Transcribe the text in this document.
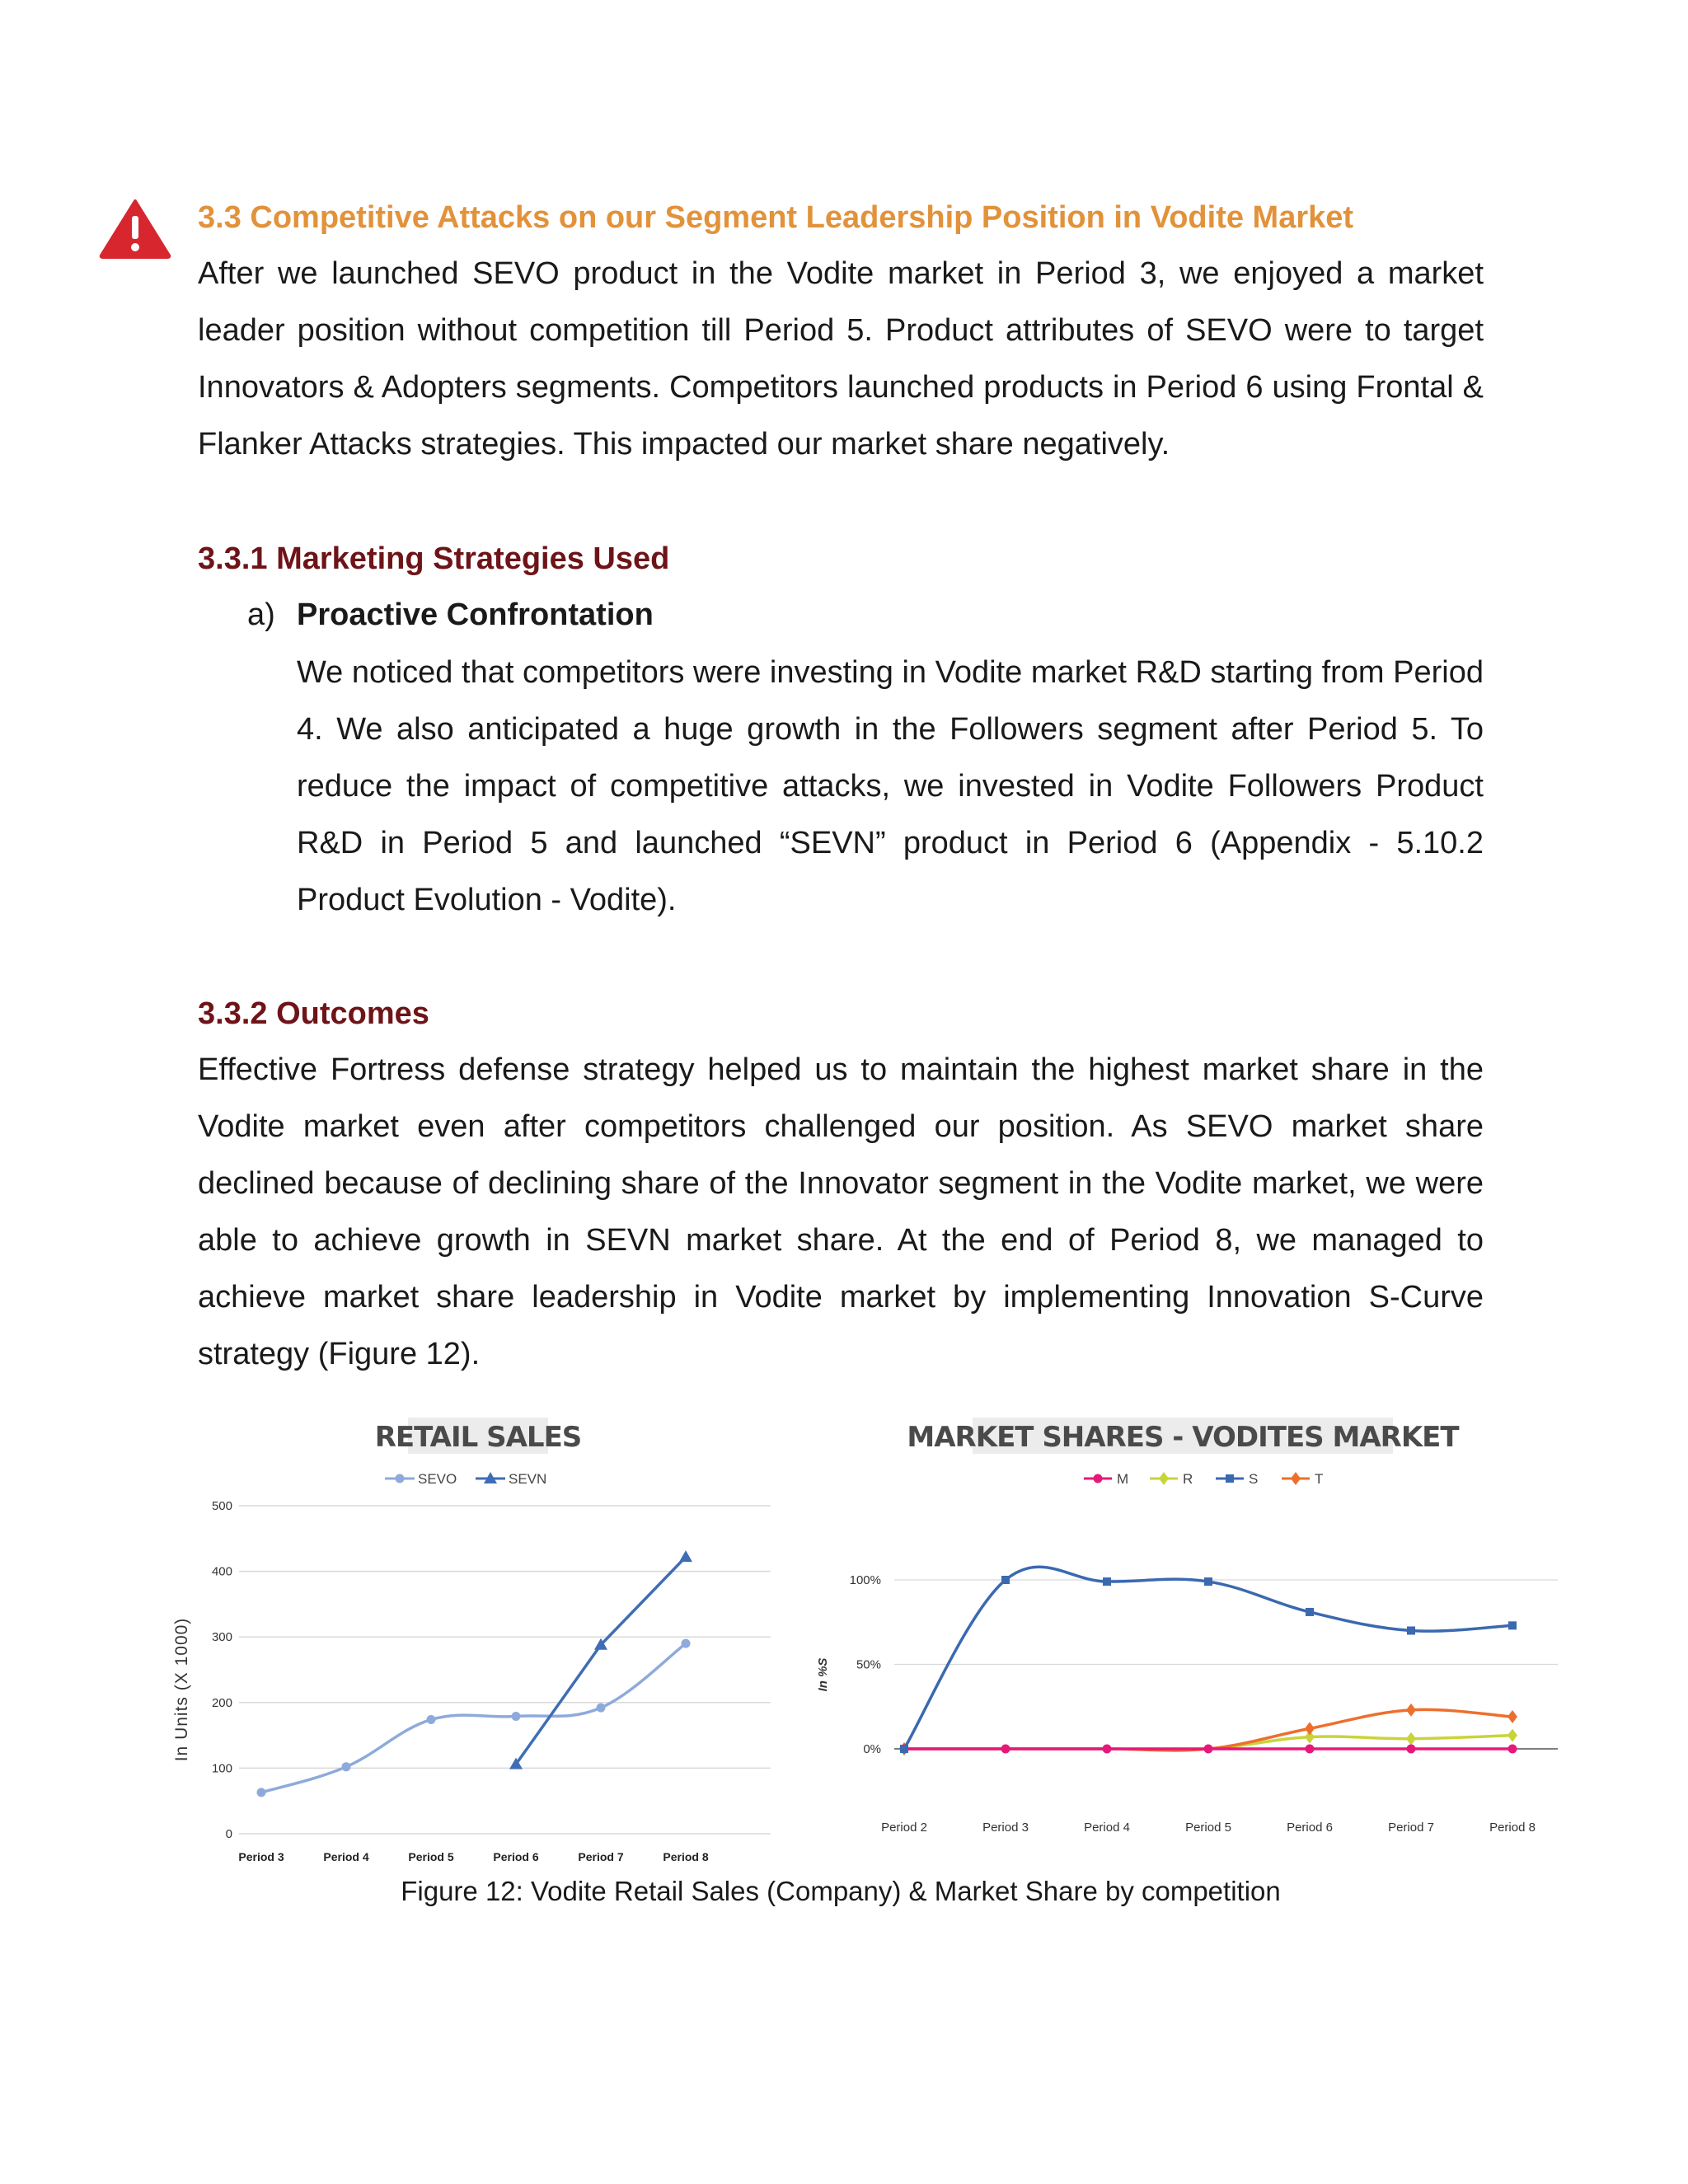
3.3 Competitive Attacks on our Segment Leadership Position in Vodite Market
After we launched SEVO product in the Vodite market in Period 3, we enjoyed a market leader position without competition till Period 5. Product attributes of SEVO were to target Innovators & Adopters segments. Competitors launched products in Period 6 using Frontal & Flanker Attacks strategies. This impacted our market share negatively.
3.3.1 Marketing Strategies Used
a) Proactive Confrontation
We noticed that competitors were investing in Vodite market R&D starting from Period 4. We also anticipated a huge growth in the Followers segment after Period 5. To reduce the impact of competitive attacks, we invested in Vodite Followers Product R&D in Period 5 and launched “SEVN” product in Period 6 (Appendix - 5.10.2 Product Evolution - Vodite).
3.3.2 Outcomes
Effective Fortress defense strategy helped us to maintain the highest market share in the Vodite market even after competitors challenged our position. As SEVO market share declined because of declining share of the Innovator segment in the Vodite market, we were able to achieve growth in SEVN market share. At the end of Period 8, we managed to achieve market share leadership in Vodite market by implementing Innovation S-Curve strategy (Figure 12).
RETAIL SALES
SEVO	SEVN
0
100
200
300
400
500
Period 3	Period 4	Period 5	Period 6	Period 7	Period 8
In Units (X 1000)
MARKET SHARES - VODITES MARKET
M	R	S	T
0%
50%
100%
Period 2	Period 3	Period 4	Period 5	Period 6	Period 7	Period 8
In %S
Figure 12: Vodite Retail Sales (Company) & Market Share by competition
